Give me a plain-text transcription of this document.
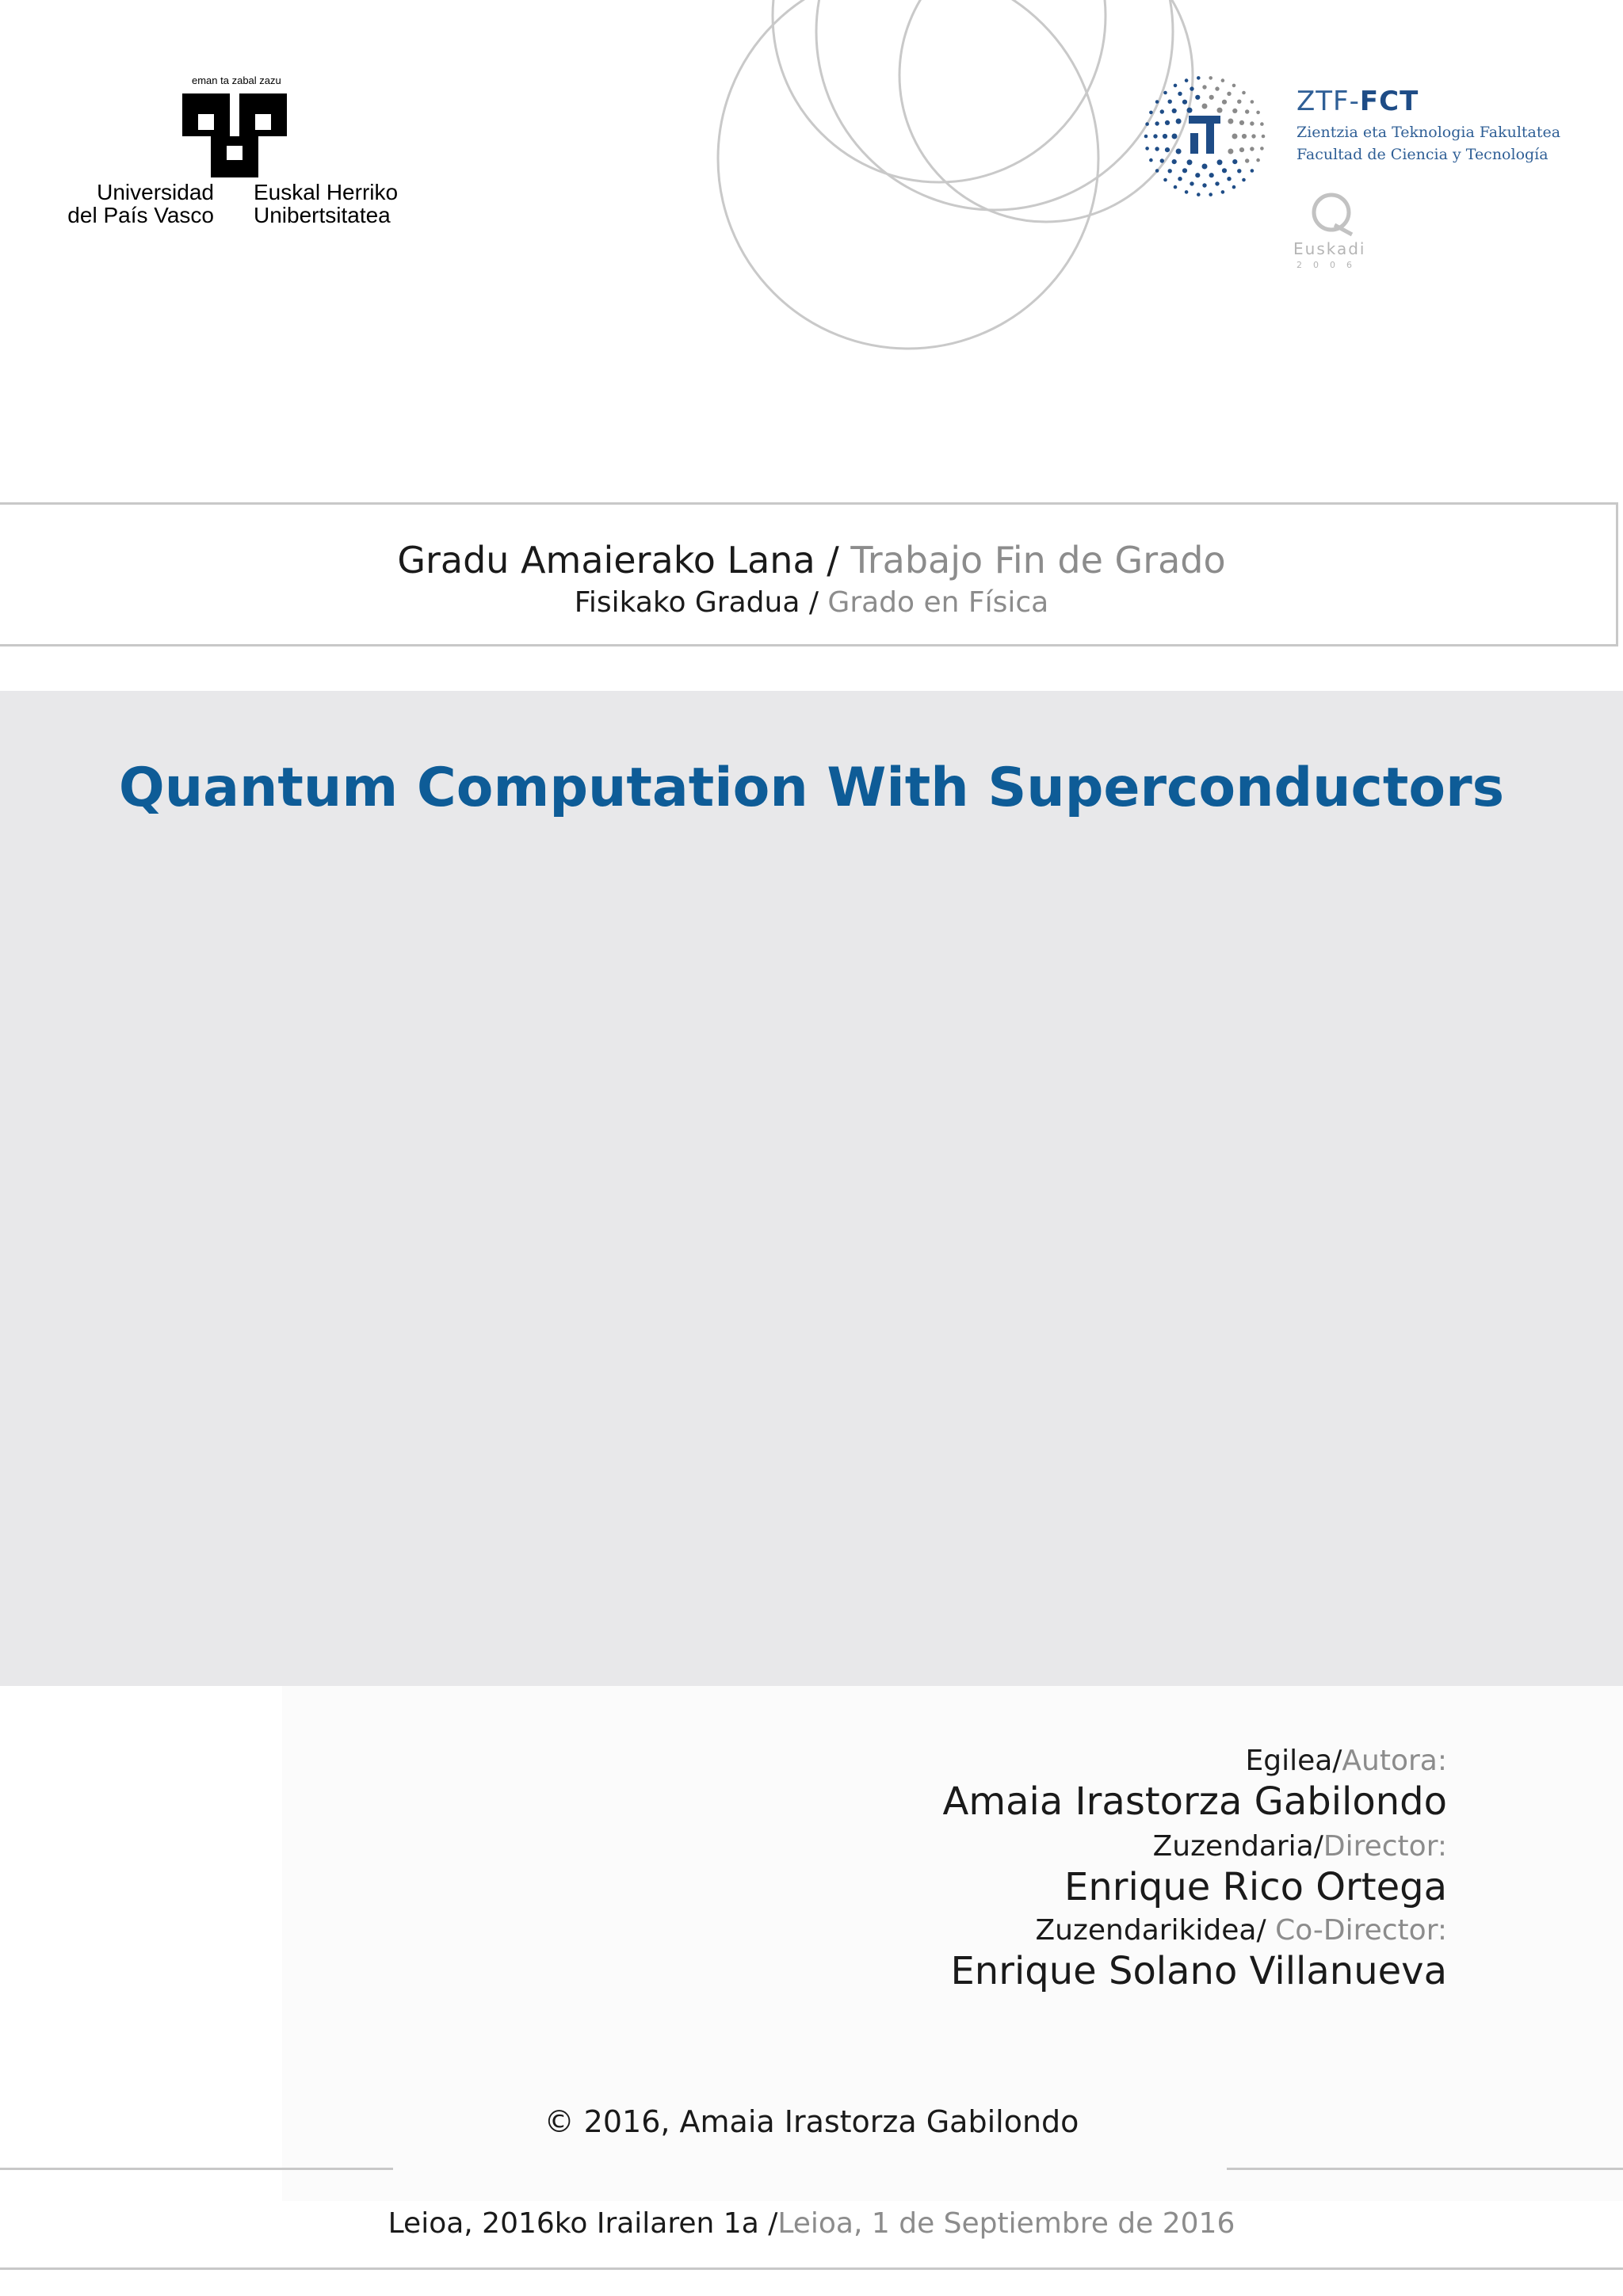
eman ta zabal zazu
Universidad
del País Vasco
Euskal Herriko
Unibertsitatea
ZTF-FCT
Zientzia eta Teknologia Fakultatea
Facultad de Ciencia y Tecnología
Euskadi
2006
Gradu Amaierako Lana / Trabajo Fin de Grado
Fisikako Gradua / Grado en Física
Quantum Computation With Superconductors
Egilea/Autora:
Amaia Irastorza Gabilondo
Zuzendaria/Director:
Enrique Rico Ortega
Zuzendarikidea/ Co-Director:
Enrique Solano Villanueva
© 2016, Amaia Irastorza Gabilondo
Leioa, 2016ko Irailaren 1a /Leioa, 1 de Septiembre de 2016
